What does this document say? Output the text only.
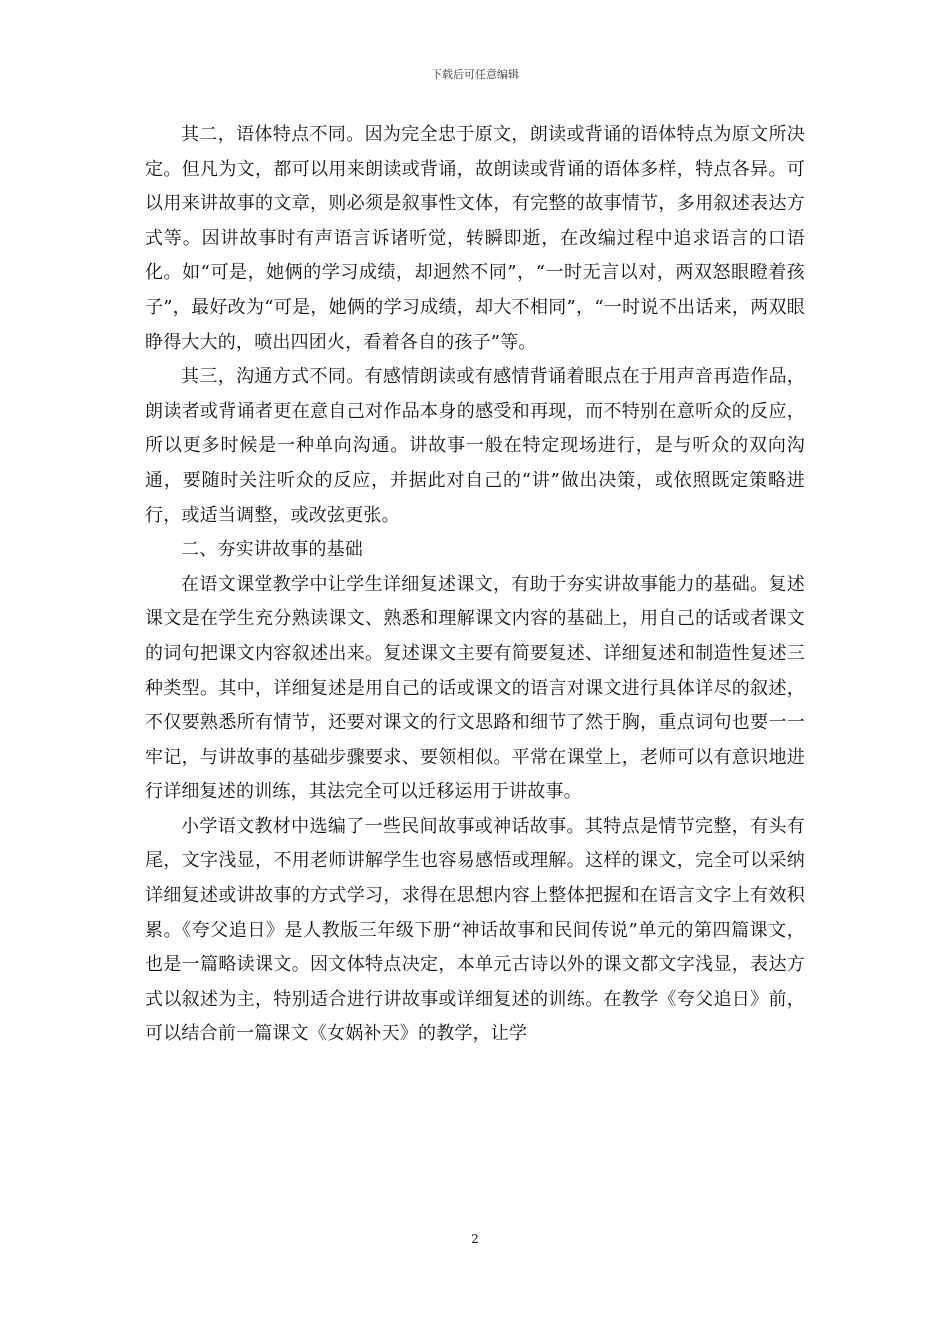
下载后可任意编辑

其二，语体特点不同。因为完全忠于原文，朗读或背诵的语体特点为原文所决定。但凡为文，都可以用来朗读或背诵，故朗读或背诵的语体多样，特点各异。可以用来讲故事的文章，则必须是叙事性文体，有完整的故事情节，多用叙述表达方式等。因讲故事时有声语言诉诸听觉，转瞬即逝，在改编过程中追求语言的口语化。如“可是，她俩的学习成绩，却迥然不同”，“一时无言以对，两双怒眼瞪着孩子”，最好改为“可是，她俩的学习成绩，却大不相同”，“一时说不出话来，两双眼睁得大大的，喷出四团火，看着各自的孩子”等。

其三，沟通方式不同。有感情朗读或有感情背诵着眼点在于用声音再造作品，朗读者或背诵者更在意自己对作品本身的感受和再现，而不特别在意听众的反应，所以更多时候是一种单向沟通。讲故事一般在特定现场进行，是与听众的双向沟通，要随时关注听众的反应，并据此对自己的“讲”做出决策，或依照既定策略进行，或适当调整，或改弦更张。

二、夯实讲故事的基础

在语文课堂教学中让学生详细复述课文，有助于夯实讲故事能力的基础。复述课文是在学生充分熟读课文、熟悉和理解课文内容的基础上，用自己的话或者课文的词句把课文内容叙述出来。复述课文主要有简要复述、详细复述和制造性复述三种类型。其中，详细复述是用自己的话或课文的语言对课文进行具体详尽的叙述，不仅要熟悉所有情节，还要对课文的行文思路和细节了然于胸，重点词句也要一一牢记，与讲故事的基础步骤要求、要领相似。平常在课堂上，老师可以有意识地进行详细复述的训练，其法完全可以迁移运用于讲故事。

小学语文教材中选编了一些民间故事或神话故事。其特点是情节完整，有头有尾，文字浅显，不用老师讲解学生也容易感悟或理解。这样的课文，完全可以采纳详细复述或讲故事的方式学习，求得在思想内容上整体把握和在语言文字上有效积累。《夸父追日》是人教版三年级下册“神话故事和民间传说”单元的第四篇课文，也是一篇略读课文。因文体特点决定，本单元古诗以外的课文都文字浅显，表达方式以叙述为主，特别适合进行讲故事或详细复述的训练。在教学《夸父追日》前，可以结合前一篇课文《女娲补天》的教学，让学

2
